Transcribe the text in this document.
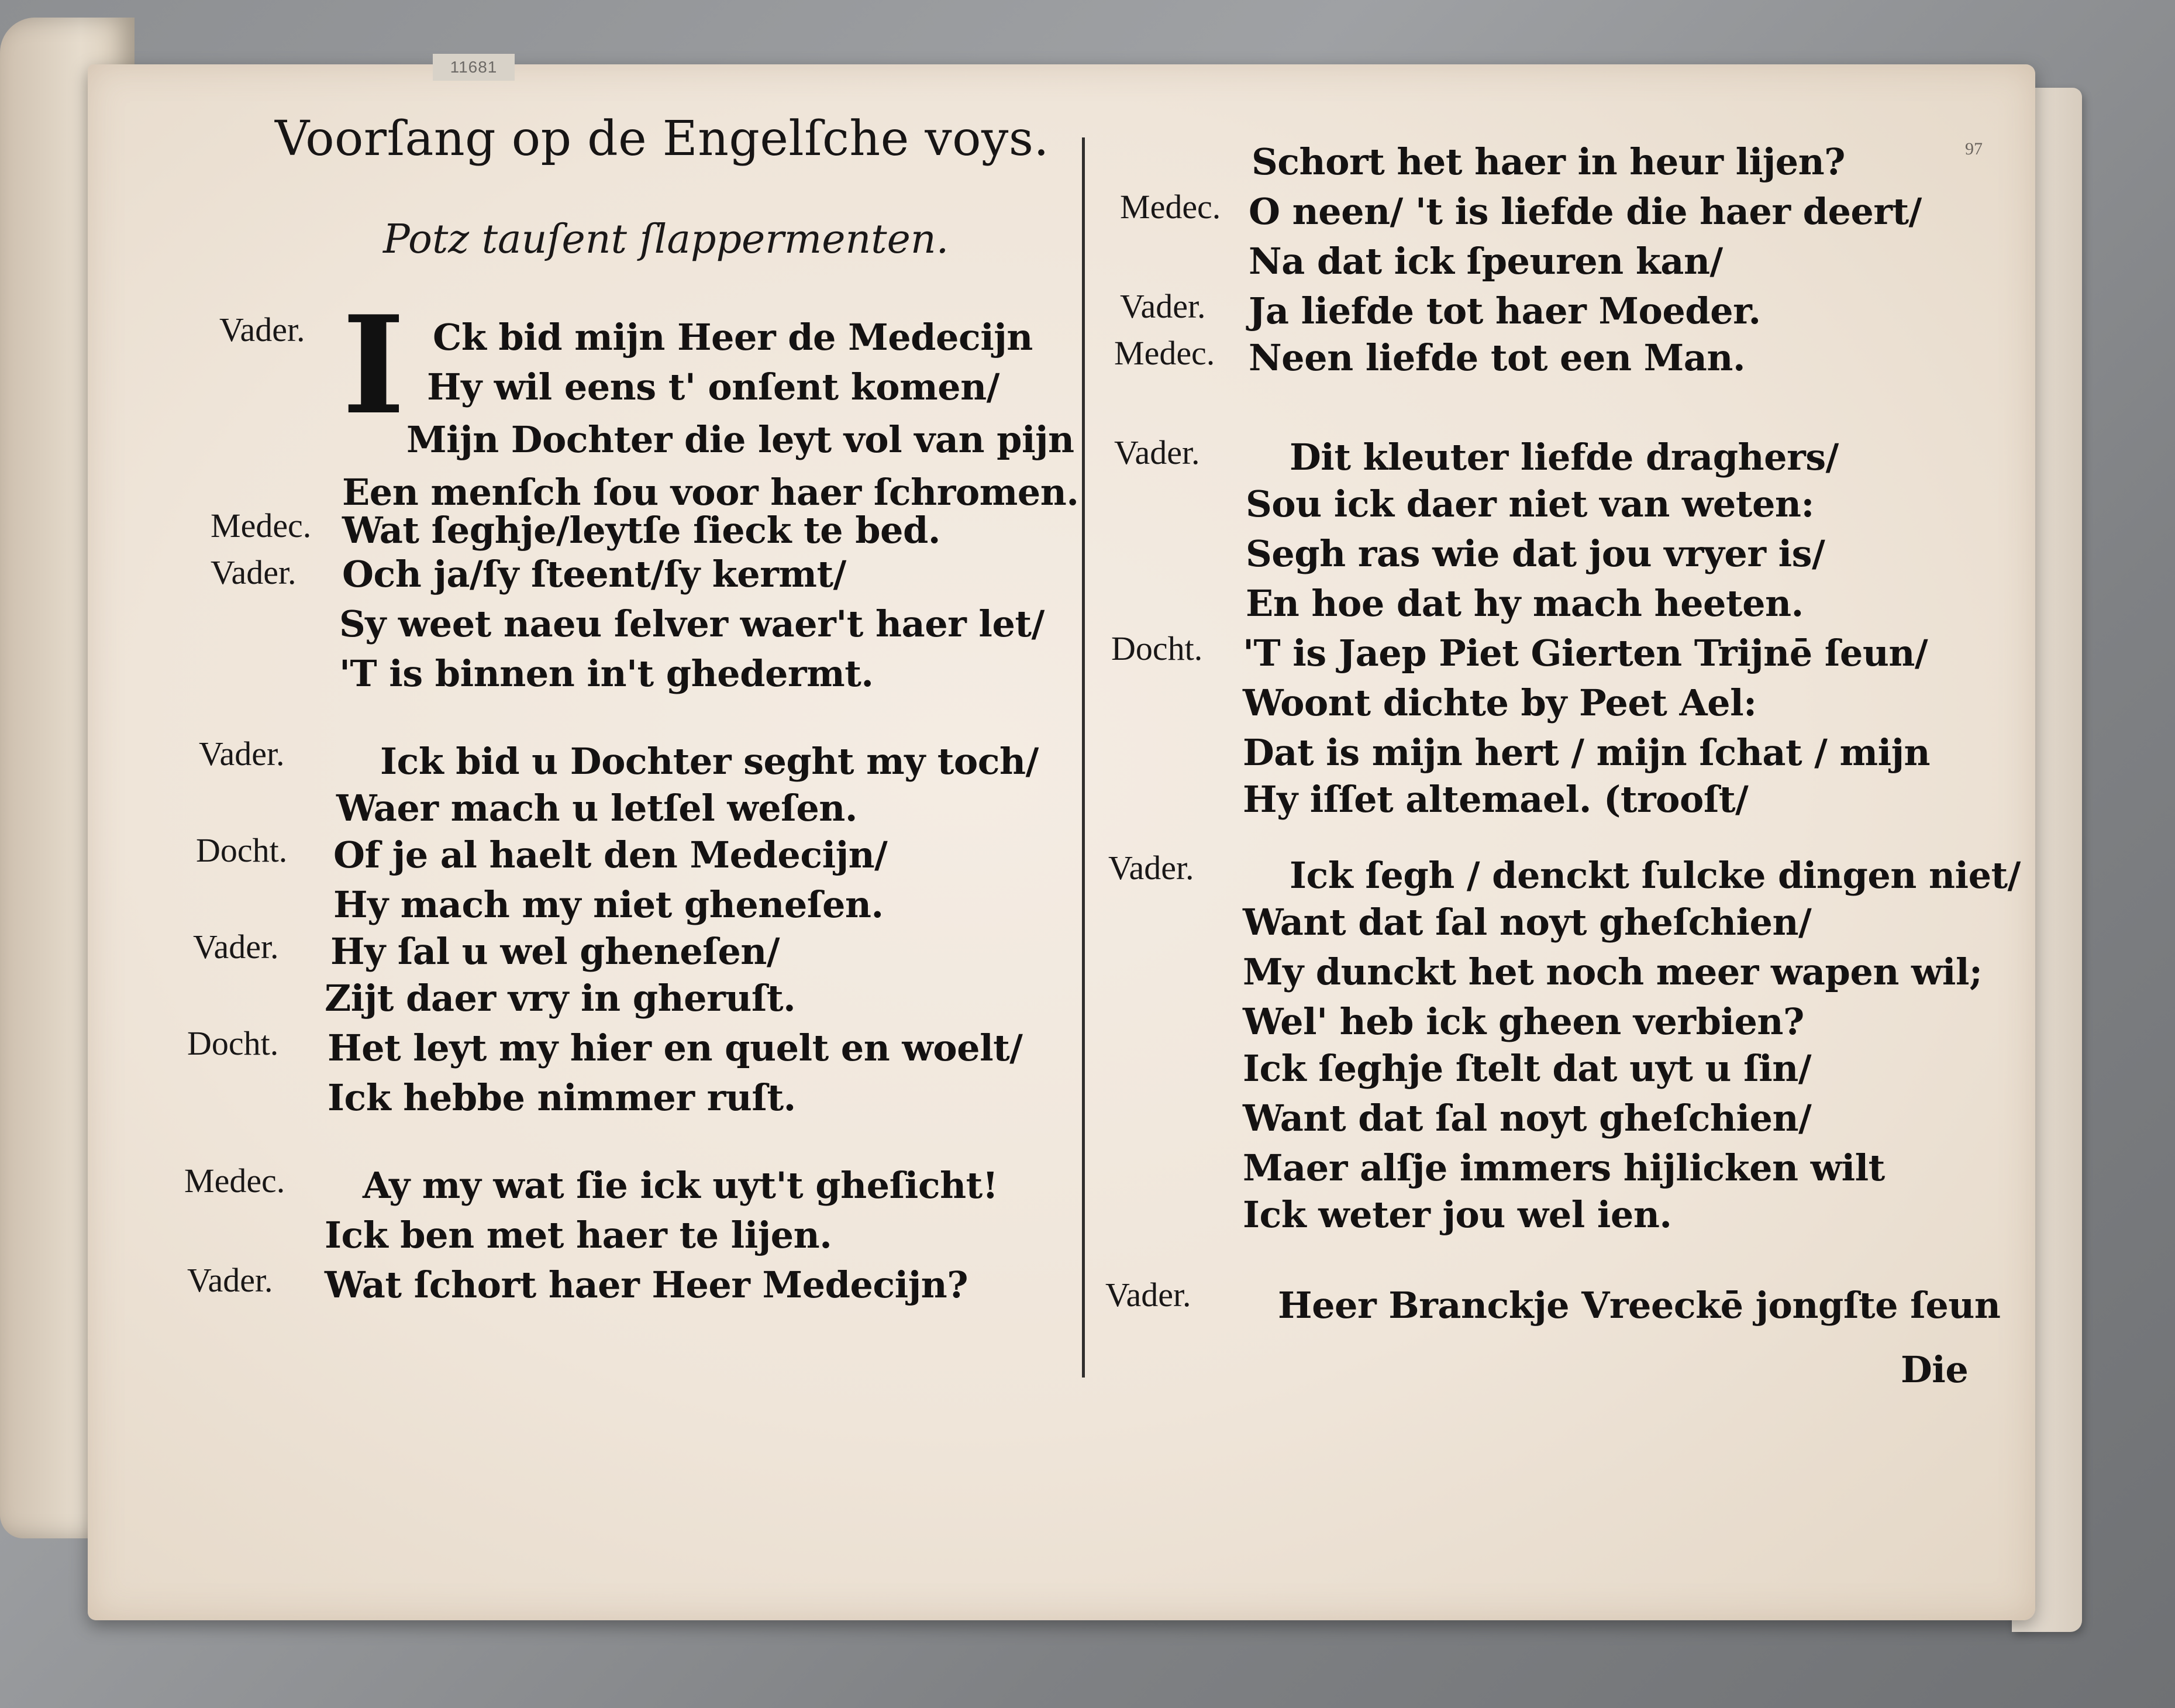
11681
97
Voorſang op de Engelſche voys.
Potz tauſent ſlappermenten.
I
Vader.	Ck bid mijn Heer de Medecijn
Hy wil eens t' onſent komen/
Mijn Dochter die leyt vol van pijn
Een menſch ſou voor haer ſchromen.
Medec. Wat ſeghje/leytſe ſieck te bed.
Vader. Och ja/ſy ſteent/ſy kermt/
Sy weet naeu ſelver waer't haer let/
'T is binnen in't ghedermt.
Vader.	Ick bid u Dochter seght my toch/
Waer mach u letſel weſen.
Docht. Of je al haelt den Medecijn/
Hy mach my niet gheneſen.
Vader. Hy ſal u wel gheneſen/
Zijt daer vry in gheruſt.
Docht. Het leyt my hier en quelt en woelt/
Ick hebbe nimmer ruſt.
Medec. Ay my wat ſie ick uyt't gheſicht!
Ick ben met haer te lijen.
Vader. Wat ſchort haer Heer Medecijn?
Schort het haer in heur lijen?
Medec. O neen/ 't is liefde die haer deert/
Na dat ick ſpeuren kan/
Vader. Ja liefde tot haer Moeder.
Medec. Neen liefde tot een Man.
Vader. Dit kleuter liefde draghers/
Sou ick daer niet van weten:
Segh ras wie dat jou vryer is/
En hoe dat hy mach heeten.
Docht. 'T is Jaep Piet Gierten Trijnē ſeun/
Woont dichte by Peet Ael:
Dat is mijn hert / mijn ſchat / mijn
Hy iſſet altemael. (trooſt/
Vader.	Ick ſegh / denckt ſulcke dingen niet/
Want dat ſal noyt gheſchien/
My dunckt het noch meer wapen wil;
Wel' heb ick gheen verbien?
Ick ſeghje ſtelt dat uyt u ſin/
Want dat ſal noyt gheſchien/
Maer alſje immers hijlicken wilt
Ick weter jou wel ien.
Vader. Heer Branckje Vreeckē jongſte ſeun
Die
